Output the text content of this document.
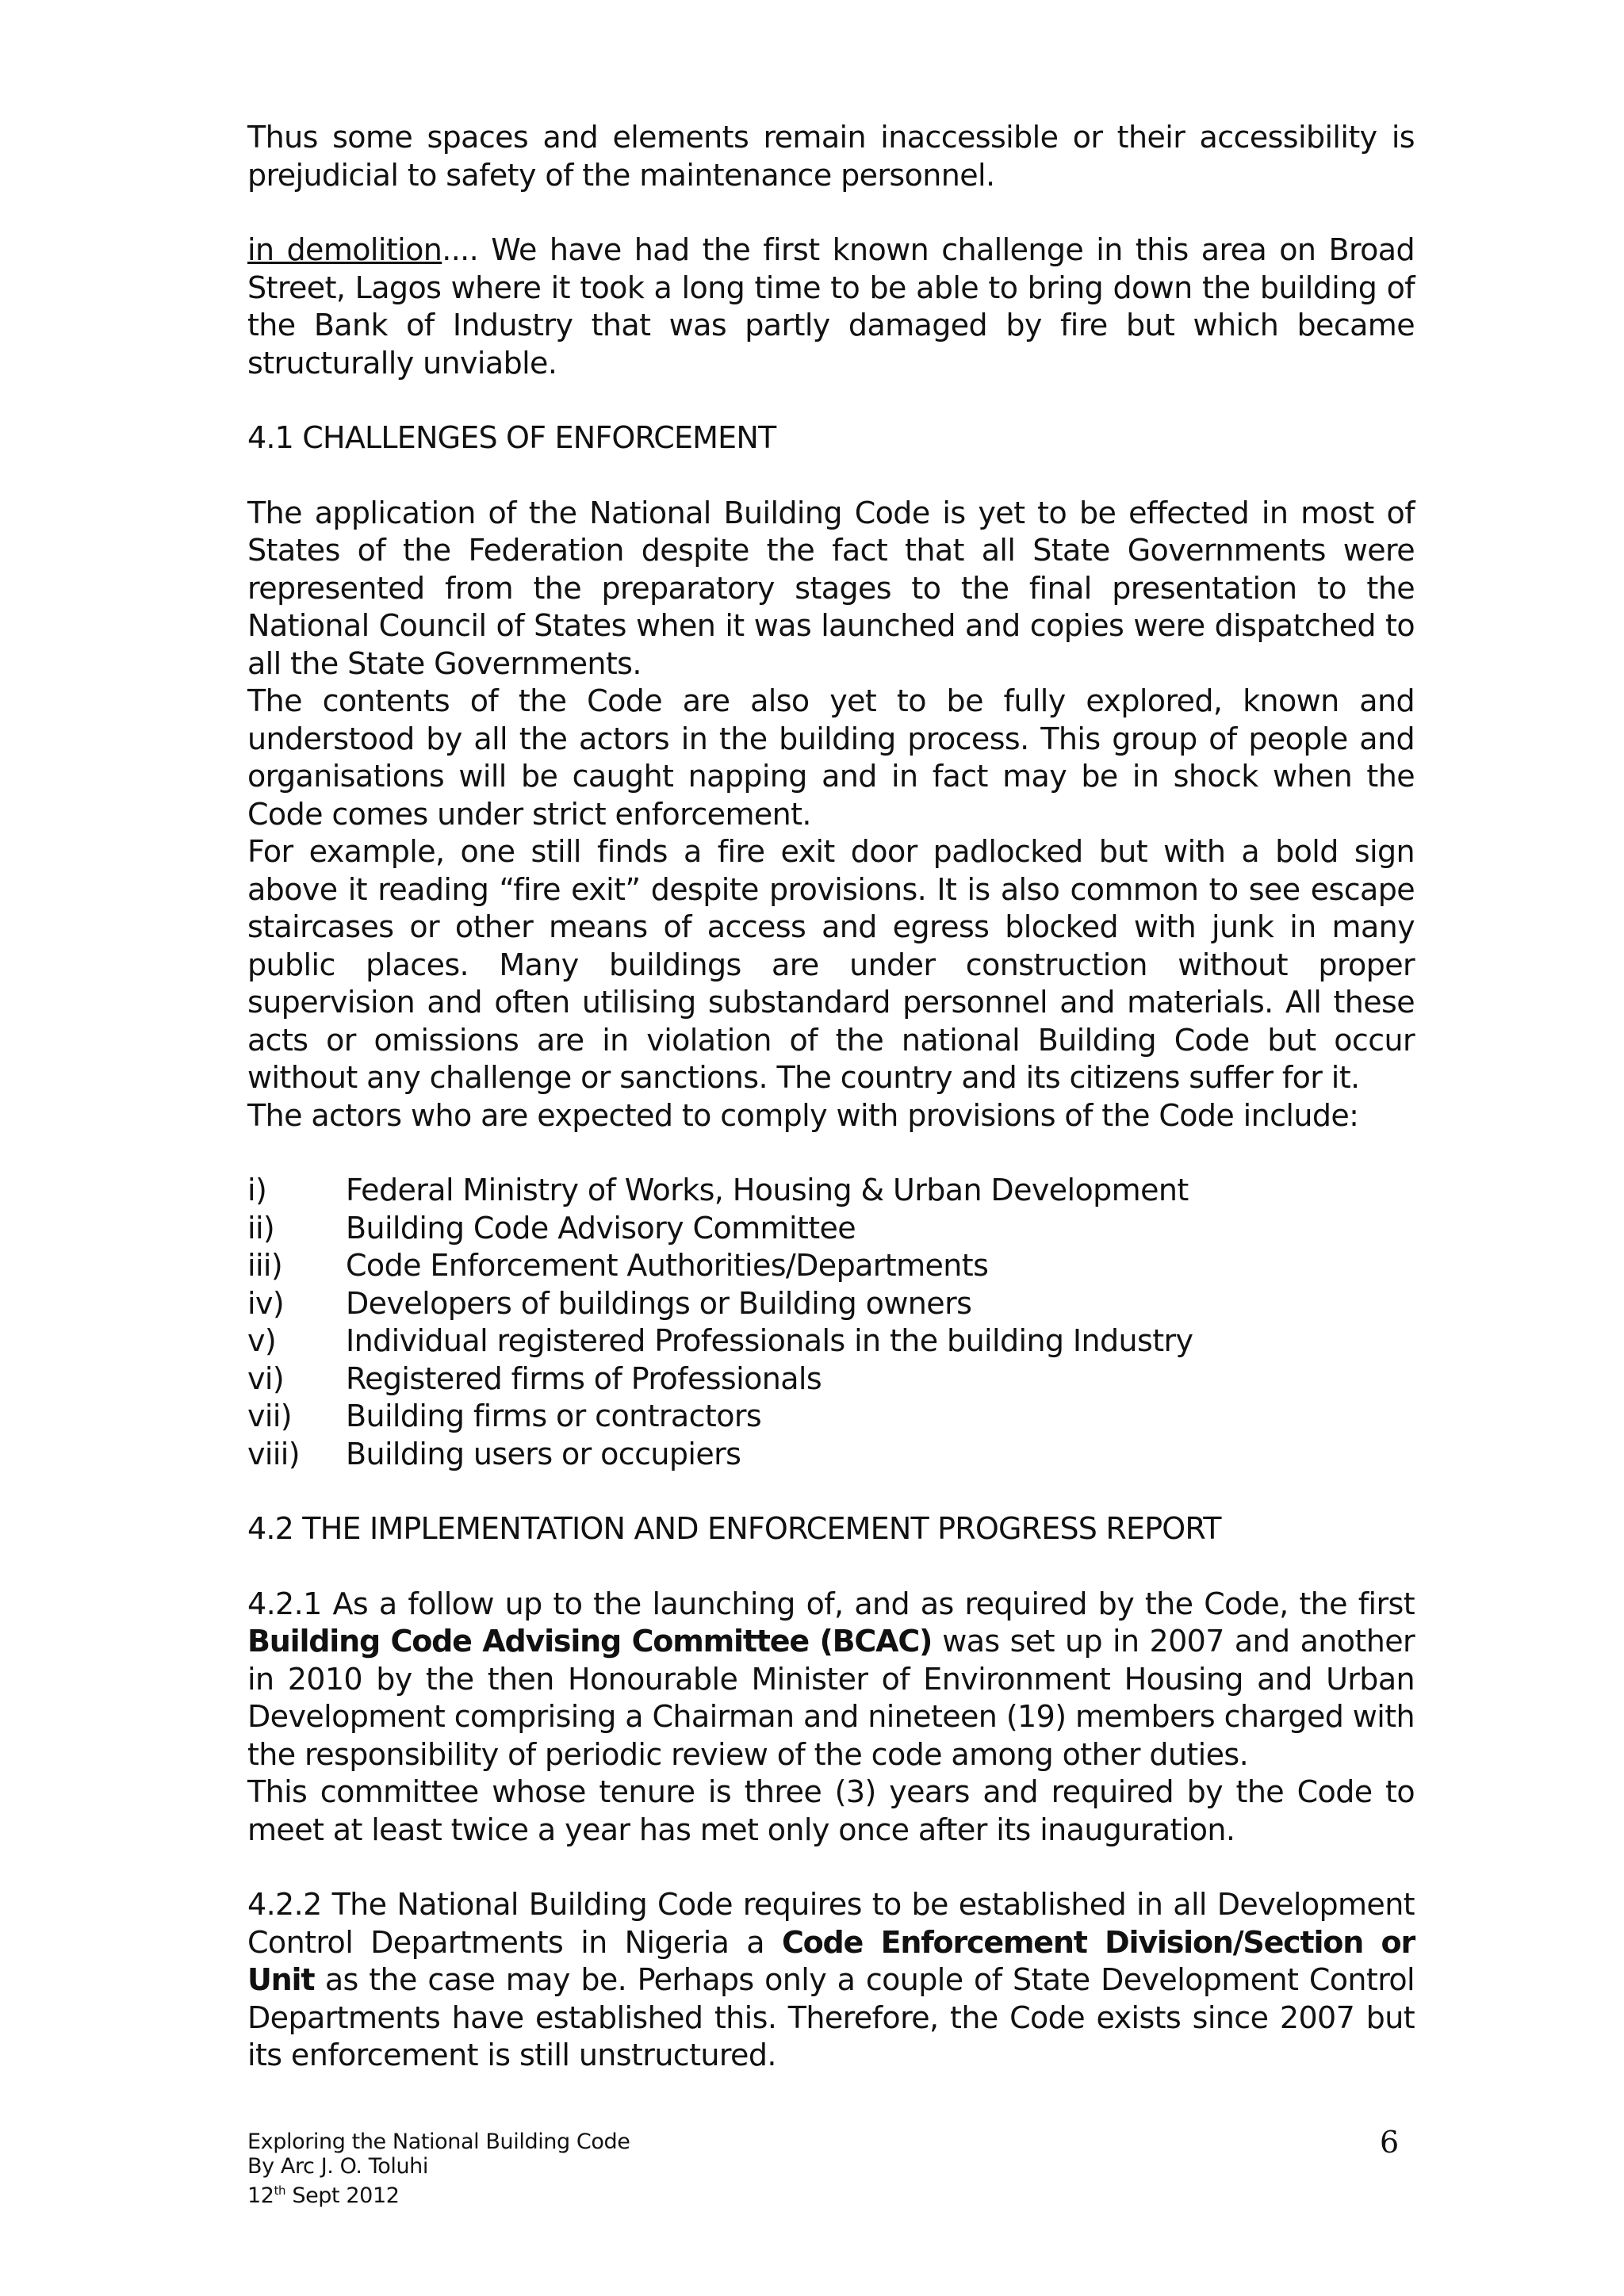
Thus some spaces and elements remain inaccessible or their accessibility is prejudicial to safety of the maintenance personnel.

in demolition.... We have had the first known challenge in this area on Broad Street, Lagos where it took a long time to be able to bring down the building of the Bank of Industry that was partly damaged by fire but which became structurally unviable.

4.1 CHALLENGES OF ENFORCEMENT

The application of the National Building Code is yet to be effected in most of States of the Federation despite the fact that all State Governments were represented from the preparatory stages to the final presentation to the National Council of States when it was launched and copies were dispatched to all the State Governments.

The contents of the Code are also yet to be fully explored, known and understood by all the actors in the building process. This group of people and organisations will be caught napping and in fact may be in shock when the Code comes under strict enforcement.

For example, one still finds a fire exit door padlocked but with a bold sign above it reading “fire exit” despite provisions. It is also common to see escape staircases or other means of access and egress blocked with junk in many public places. Many buildings are under construction without proper supervision and often utilising substandard personnel and materials. All these acts or omissions are in violation of the national Building Code but occur without any challenge or sanctions. The country and its citizens suffer for it.

The actors who are expected to comply with provisions of the Code include:

i)	Federal Ministry of Works, Housing & Urban Development
ii)	Building Code Advisory Committee
iii)	Code Enforcement Authorities/Departments
iv)	Developers of buildings or Building owners
v)	Individual registered Professionals in the building Industry
vi)	Registered firms of Professionals
vii)	Building firms or contractors
viii)	Building users or occupiers
4.2 THE IMPLEMENTATION AND ENFORCEMENT PROGRESS REPORT

4.2.1 As a follow up to the launching of, and as required by the Code, the first Building Code Advising Committee (BCAC) was set up in 2007 and another in 2010 by the then Honourable Minister of Environment Housing and Urban Development comprising a Chairman and nineteen (19) members charged with the responsibility of periodic review of the code among other duties.

This committee whose tenure is three (3) years and required by the Code to meet at least twice a year has met only once after its inauguration.

4.2.2 The National Building Code requires to be established in all Development Control Departments in Nigeria a Code Enforcement Division/Section or Unit as the case may be. Perhaps only a couple of State Development Control Departments have established this. Therefore, the Code exists since 2007 but its enforcement is still unstructured.

Exploring the National Building Code
By Arc J. O. Toluhi
12th Sept 2012
6
